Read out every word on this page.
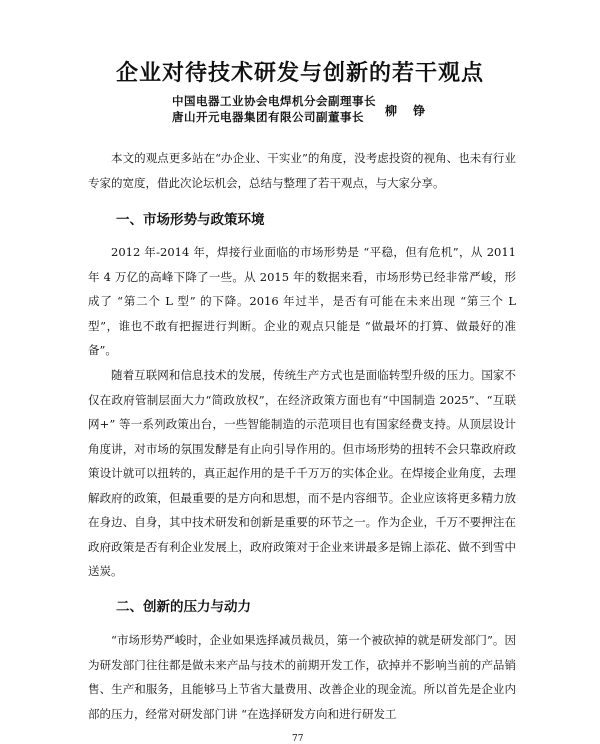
企业对待技术研发与创新的若干观点
中国电器工业协会电焊机分会副理事长
唐山开元电器集团有限公司副董事长	柳 铮

本文的观点更多站在“办企业、干实业”的角度，没考虑投资的视角、也未有行业专家的宽度，借此次论坛机会，总结与整理了若干观点，与大家分享。

一、市场形势与政策环境

2012 年-2014 年，焊接行业面临的市场形势是 “平稳，但有危机”，从 2011 年 4 万亿的高峰下降了一些。从 2015 年的数据来看，市场形势已经非常严峻，形成了 “第二个 L 型” 的下降。2016 年过半，是否有可能在未来出现 “第三个 L 型”，谁也不敢有把握进行判断。企业的观点只能是 “做最坏的打算、做最好的准备”。

随着互联网和信息技术的发展，传统生产方式也是面临转型升级的压力。国家不仅在政府管制层面大力“简政放权”，在经济政策方面也有“中国制造 2025”、“互联网+” 等一系列政策出台，一些智能制造的示范项目也有国家经费支持。从顶层设计角度讲，对市场的氛围发酵是有止向引导作用的。但市场形势的扭转不会只靠政府政策设计就可以扭转的，真正起作用的是千千万万的实体企业。在焊接企业角度，去理解政府的政策，但最重要的是方向和思想，而不是内容细节。企业应该将更多精力放在身边、自身，其中技术研发和创新是重要的环节之一。作为企业，千万不要押注在政府政策是否有利企业发展上，政府政策对于企业来讲最多是锦上添花、做不到雪中送炭。

二、创新的压力与动力

“市场形势严峻时，企业如果选择减员裁员，第一个被砍掉的就是研发部门”。因为研发部门往往都是做未来产品与技术的前期开发工作，砍掉并不影响当前的产品销售、生产和服务，且能够马上节省大量费用、改善企业的现金流。所以首先是企业内部的压力，经常对研发部门讲 “在选择研发方向和进行研发工

77
